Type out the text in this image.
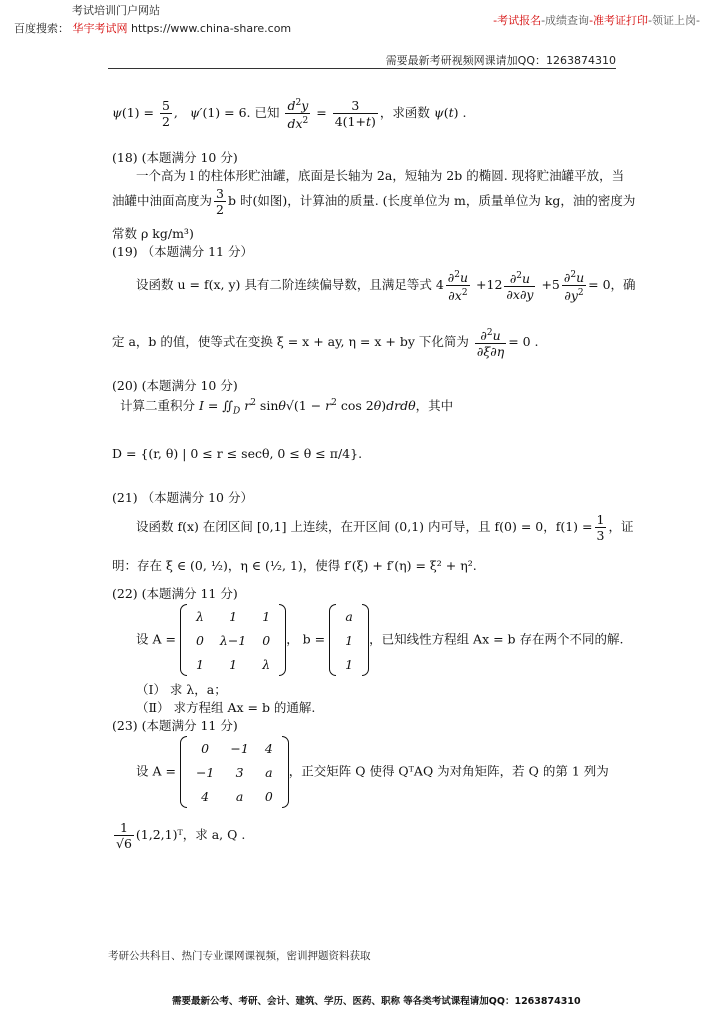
考试培训门户网站
百度搜索： 华宇考试网 https://www.china-share.com
-考试报名-成绩查询-准考证打印-领证上岗-
需要最新考研视频网课请加QQ：1263874310
$\psi(1) = \frac{5}{2}$ ,   ψ′(1) = 6. 已知 $\frac{d^2y}{dx^2} = \frac{3}{4(1+t)}$ ，求函数 ψ(t) .
(18) (本题满分 10 分)
一个高为 l 的柱体形贮油罐，底面是长轴为 2a，短轴为 2b 的椭圆. 现将贮油罐平放，当
油罐中油面高度为 $\frac{3}{2}$ b 时(如图)，计算油的质量. (长度单位为 m，质量单位为 kg，油的密度为
常数 ρ kg/m³)
(19) （本题满分 11 分）
设函数 u = f(x, y) 具有二阶连续偏导数，且满足等式 $4 \frac{\partial^2u}{\partial x^2} +12 \frac{\partial^2u}{\partial x\partial y} +5 \frac{\partial^2u}{\partial y^2} = 0$，确
定 a，b 的值，使等式在变换 ξ = x + ay, η = x + by 下化简为 $\frac{\partial^2u}{\partial\xi\partial\eta} = 0$ .
(20) (本题满分 10 分)
计算二重积分 $I = ∬_D$ $r^2$ $\sin\theta√(1 - r^2$ cos 2θ)drdθ，其中
D = {(r, θ) | 0 ≤ r ≤ secθ, 0 ≤ θ ≤ π/4}.
(21) （本题满分 10 分）
设函数 f(x) 在闭区间 [0,1] 上连续，在开区间 (0,1) 内可导，且 f(0) = 0，$f(1) = \frac{1}{3}$ ，证
明：存在 ξ ∈ (0, ½)，η ∈ (½, 1)，使得 f′(ξ) + f′(η) = ξ² + η².
(22) (本题满分 11 分)
设 A =
λ	1	1
0	λ−1	0
1	1	λ
， b =
a
1
1
，已知线性方程组 Ax = b 存在两个不同的解.
（Ⅰ） 求 λ，a；
（Ⅱ） 求方程组 Ax = b 的通解.
(23) (本题满分 11 分)
设 A =
0	−1	4
−1	3	a
4	a	0
，正交矩阵 Q 使得 QᵀAQ 为对角矩阵，若 Q 的第 1 列为
$\frac{1}{√6}$ (1,2,1)ᵀ，求 a, Q .
考研公共科目、热门专业课网课视频，密训押题资料获取
需要最新公考、考研、会计、建筑、学历、医药、职称 等各类考试课程请加QQ：1263874310
